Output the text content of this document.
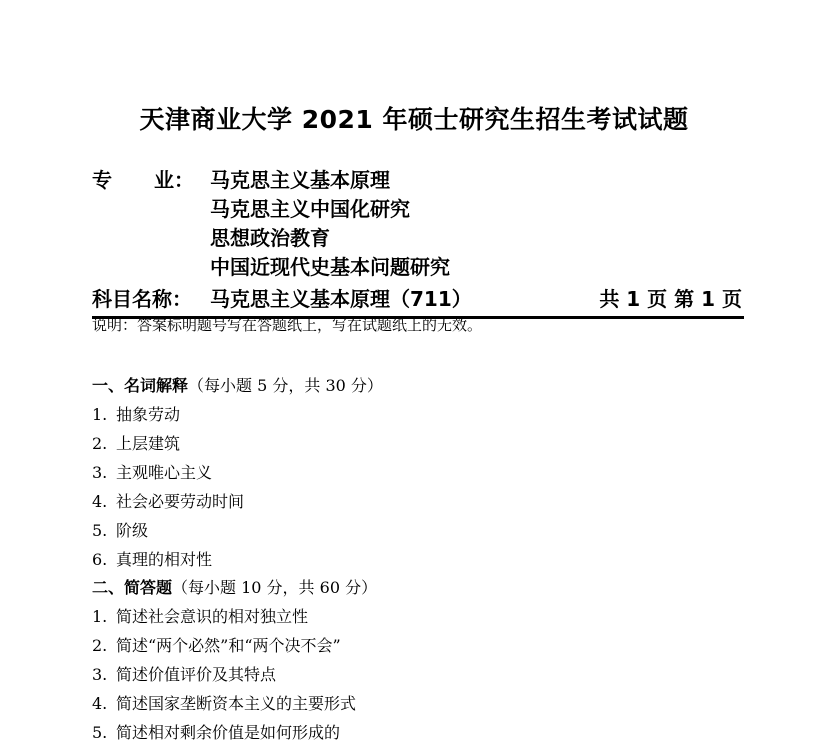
天津商业大学 2021 年硕士研究生招生考试试题
专 业： 马克思主义基本原理
马克思主义中国化研究
思想政治教育
中国近现代史基本问题研究
科目名称： 马克思主义基本原理（711）	共 1 页 第 1 页
说明：答案标明题号写在答题纸上，写在试题纸上的无效。
一、名词解释（每小题 5 分，共 30 分）
1. 抽象劳动
2. 上层建筑
3. 主观唯心主义
4. 社会必要劳动时间
5. 阶级
6. 真理的相对性
二、简答题（每小题 10 分，共 60 分）
1. 简述社会意识的相对独立性
2. 简述“两个必然”和“两个决不会”
3. 简述价值评价及其特点
4. 简述国家垄断资本主义的主要形式
5. 简述相对剩余价值是如何形成的
